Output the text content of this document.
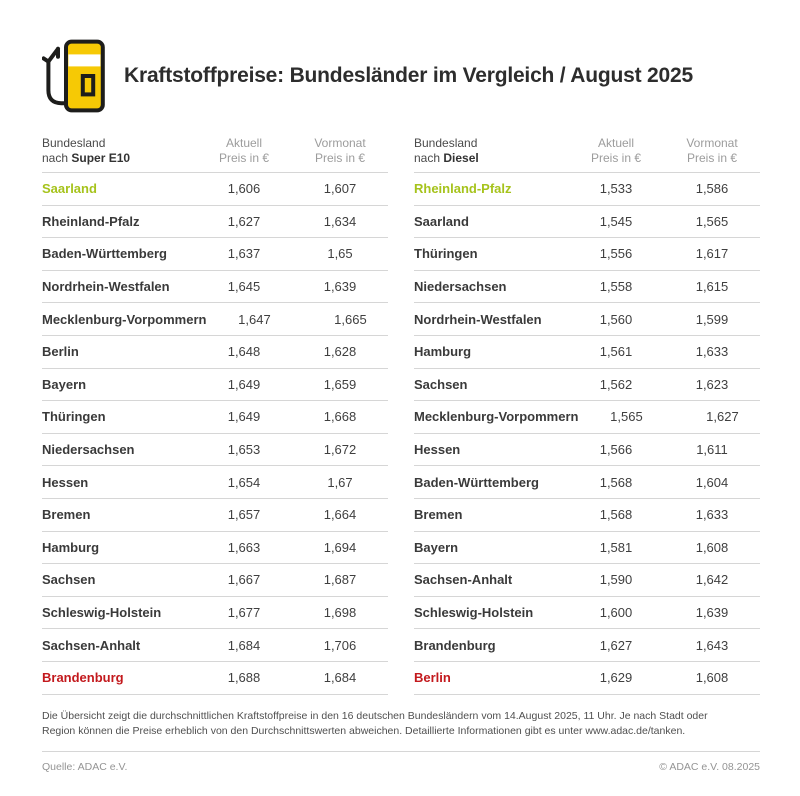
Kraftstoffpreise: Bundesländer im Vergleich / August 2025
Bundesland
nach Super E10
Aktuell
Preis in €
Vormonat
Preis in €
Saarland	1,606	1,607
Rheinland-Pfalz	1,627	1,634
Baden-Württemberg	1,637	1,65
Nordrhein-Westfalen	1,645	1,639
Mecklenburg-Vorpommern	1,647	1,665
Berlin	1,648	1,628
Bayern	1,649	1,659
Thüringen	1,649	1,668
Niedersachsen	1,653	1,672
Hessen	1,654	1,67
Bremen	1,657	1,664
Hamburg	1,663	1,694
Sachsen	1,667	1,687
Schleswig-Holstein	1,677	1,698
Sachsen-Anhalt	1,684	1,706
Brandenburg	1,688	1,684
Bundesland
nach Diesel
Aktuell
Preis in €
Vormonat
Preis in €
Rheinland-Pfalz	1,533	1,586
Saarland	1,545	1,565
Thüringen	1,556	1,617
Niedersachsen	1,558	1,615
Nordrhein-Westfalen	1,560	1,599
Hamburg	1,561	1,633
Sachsen	1,562	1,623
Mecklenburg-Vorpommern	1,565	1,627
Hessen	1,566	1,611
Baden-Württemberg	1,568	1,604
Bremen	1,568	1,633
Bayern	1,581	1,608
Sachsen-Anhalt	1,590	1,642
Schleswig-Holstein	1,600	1,639
Brandenburg	1,627	1,643
Berlin	1,629	1,608

Die Übersicht zeigt die durchschnittlichen Kraftstoffpreise in den 16 deutschen Bundesländern vom 14.August 2025, 11 Uhr. Je nach Stadt oder Region können die Preise erheblich von den Durchschnittswerten abweichen. Detaillierte Informationen gibt es unter www.adac.de/tanken.

Quelle: ADAC e.V.	© ADAC e.V. 08.2025
